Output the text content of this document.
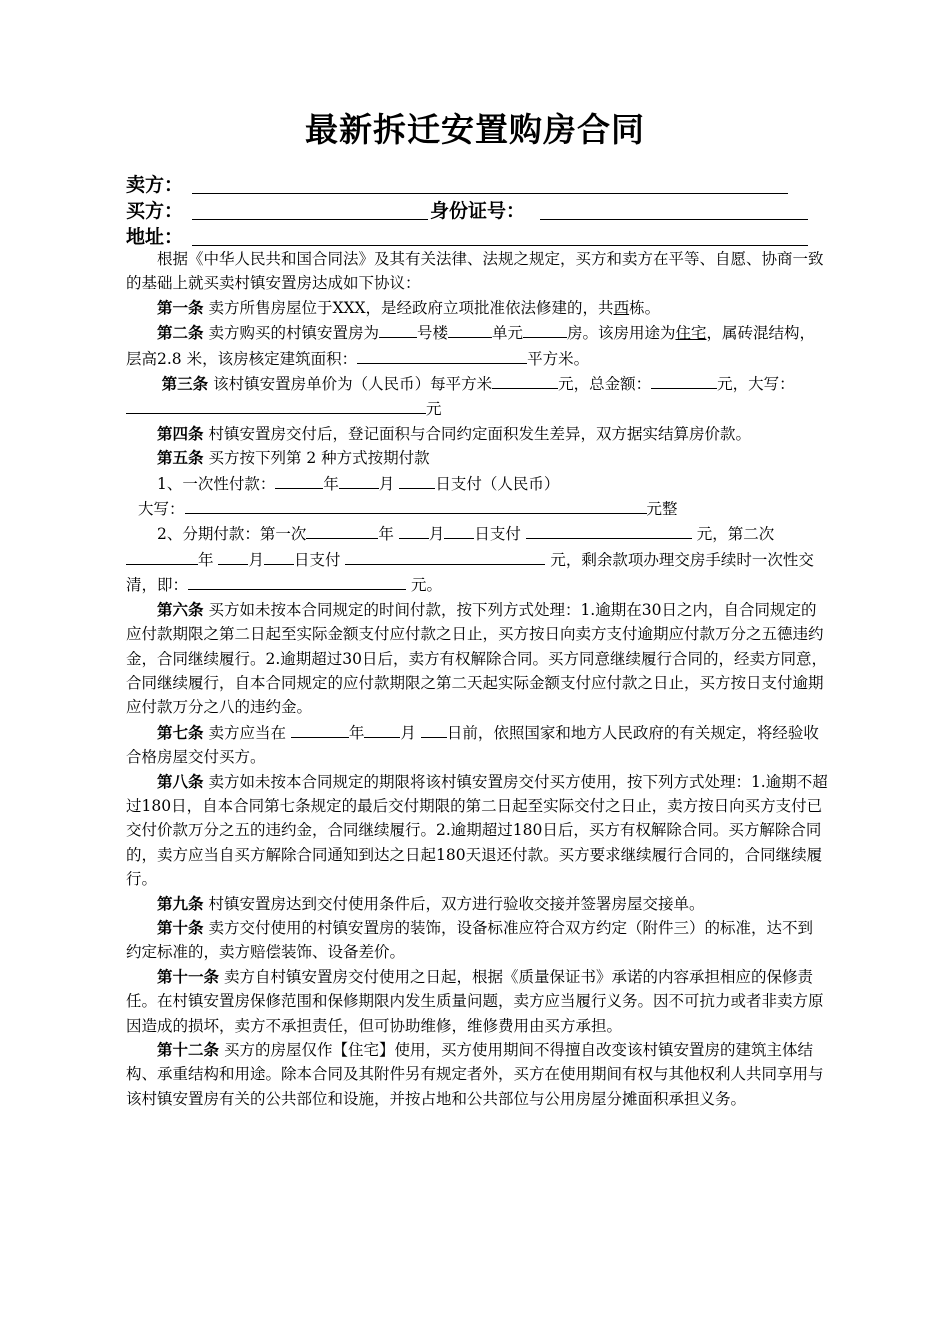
最新拆迁安置购房合同
卖方：
买方：	身份证号：
地址：

根据《中华人民共和国合同法》及其有关法律、法规之规定，买方和卖方在平等、自愿、协商一致的基础上就买卖村镇安置房达成如下协议：

第一条 卖方所售房屋位于XXX，是经政府立项批准依法修建的，共西栋。

第二条 卖方购买的村镇安置房为 号楼	单元	房。该房用途为住宅，属砖混结构，层高2.8 米，该房核定建筑面积：	平方米。

第三条 该村镇安置房单价为（人民币）每平方米	元，总金额：	元，大写：元

第四条 村镇安置房交付后，登记面积与合同约定面积发生差异，双方据实结算房价款。

第五条 买方按下列第 2 种方式按期付款

1、一次性付款：	年	月 日支付（人民币）

大写：	元整

2、分期付款：第一次	年 月 日支付	元，第二次年 月 日支付	元，剩余款项办理交房手续时一次性交清，即：	元。

第六条 买方如未按本合同规定的时间付款，按下列方式处理：1.逾期在30日之内，自合同规定的应付款期限之第二日起至实际金额支付应付款之日止，买方按日向卖方支付逾期应付款万分之五德违约金，合同继续履行。2.逾期超过30日后，卖方有权解除合同。买方同意继续履行合同的，经卖方同意，合同继续履行，自本合同规定的应付款期限之第二天起实际金额支付应付款之日止，买方按日支付逾期应付款万分之八的违约金。

第七条 卖方应当在	年 月 日前，依照国家和地方人民政府的有关规定，将经验收合格房屋交付买方。

第八条 卖方如未按本合同规定的期限将该村镇安置房交付买方使用，按下列方式处理：1.逾期不超过180日，自本合同第七条规定的最后交付期限的第二日起至实际交付之日止，卖方按日向买方支付已交付价款万分之五的违约金，合同继续履行。2.逾期超过180日后，买方有权解除合同。买方解除合同的，卖方应当自买方解除合同通知到达之日起180天退还付款。买方要求继续履行合同的，合同继续履行。

第九条 村镇安置房达到交付使用条件后，双方进行验收交接并签署房屋交接单。

第十条 卖方交付使用的村镇安置房的装饰，设备标准应符合双方约定（附件三）的标准，达不到约定标准的，卖方赔偿装饰、设备差价。

第十一条 卖方自村镇安置房交付使用之日起，根据《质量保证书》承诺的内容承担相应的保修责任。在村镇安置房保修范围和保修期限内发生质量问题，卖方应当履行义务。因不可抗力或者非卖方原因造成的损坏，卖方不承担责任，但可协助维修，维修费用由买方承担。

第十二条 买方的房屋仅作【住宅】使用，买方使用期间不得擅自改变该村镇安置房的建筑主体结构、承重结构和用途。除本合同及其附件另有规定者外，买方在使用期间有权与其他权利人共同享用与该村镇安置房有关的公共部位和设施，并按占地和公共部位与公用房屋分摊面积承担义务。
